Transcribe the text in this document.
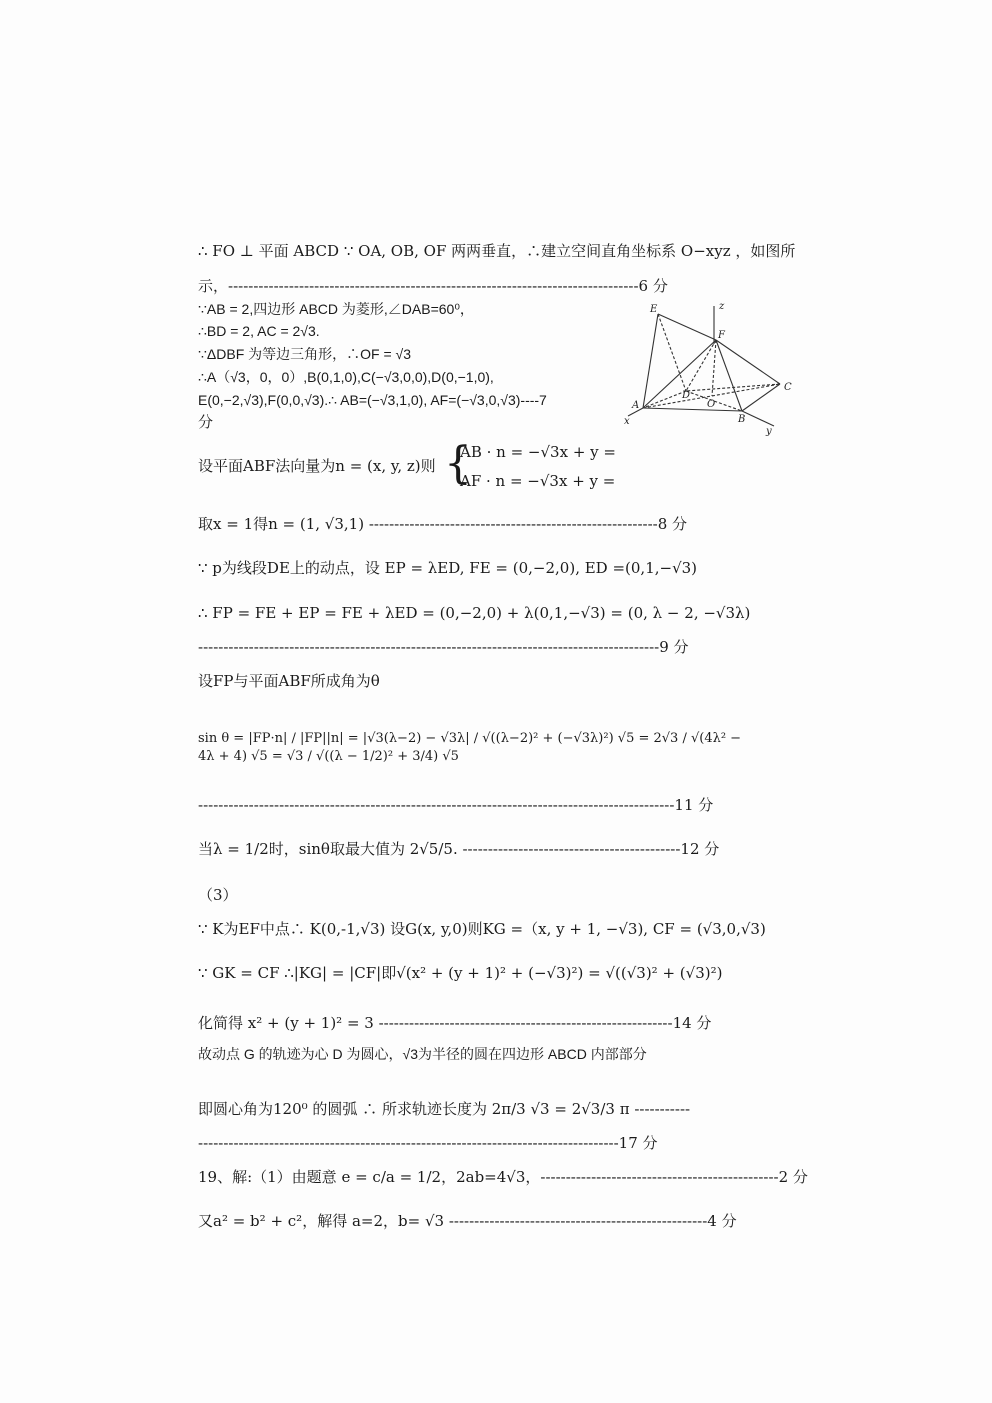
∴ FO ⊥ 平面 ABCD ∵ OA, OB, OF 两两垂直，∴建立空间直角坐标系 O−xyz ，如图所
示，---------------------------------------------------------------------------------6 分
∵AB = 2,四边形 ABCD 为菱形,∠DAB=60⁰，
∴BD = 2, AC = 2√3.
∵ΔDBF 为等边三角形，∴OF = √3
∴A（√3，0，0）,B(0,1,0),C(−√3,0,0),D(0,−1,0),
E(0,−2,√3),F(0,0,√3).∴ AB=(−√3,1,0), AF=(−√3,0,√3)----7
分
E	z
F
C
D
O
A
x	B
y
设平面ABF法向量为n = (x, y, z)则 {
AB · n = −√3x + y =
AF · n = −√3x + y =
取x = 1得n = (1, √3,1) ---------------------------------------------------------8 分
∵ p为线段DE上的动点，设 EP = λED, FE = (0,−2,0), ED =(0,1,−√3)
∴ FP = FE + EP = FE + λED = (0,−2,0) + λ(0,1,−√3) = (0, λ − 2, −√3λ)
-------------------------------------------------------------------------------------------9 分
设FP与平面ABF所成角为θ
sin θ = |FP·n| / |FP||n| = |√3(λ−2) − √3λ| / √((λ−2)² + (−√3λ)²) √5 = 2√3 / √(4λ² − 4λ + 4) √5 = √3 / √((λ − 1/2)² + 3/4) √5
----------------------------------------------------------------------------------------------11 分
当λ = 1/2时，sinθ取最大值为 2√5/5. -------------------------------------------12 分
（3）
∵ K为EF中点∴ K(0,-1,√3) 设G(x, y,0)则KG =（x, y + 1, −√3), CF = (√3,0,√3)
∵ GK = CF ∴|KG| = |CF|即√(x² + (y + 1)² + (−√3)²) = √((√3)² + (√3)²)
化简得 x² + (y + 1)² = 3 ----------------------------------------------------------14 分
故动点 G 的轨迹为心 D 为圆心，√3为半径的圆在四边形 ABCD 内部部分
即圆心角为120⁰ 的圆弧 ∴ 所求轨迹长度为 2π/3 √3 = 2√3/3 π -----------
-----------------------------------------------------------------------------------17 分
19、解:（1）由题意 e = c/a = 1/2，2ab=4√3，-----------------------------------------------2 分
又a² = b² + c²，解得 a=2，b= √3 ---------------------------------------------------4 分
